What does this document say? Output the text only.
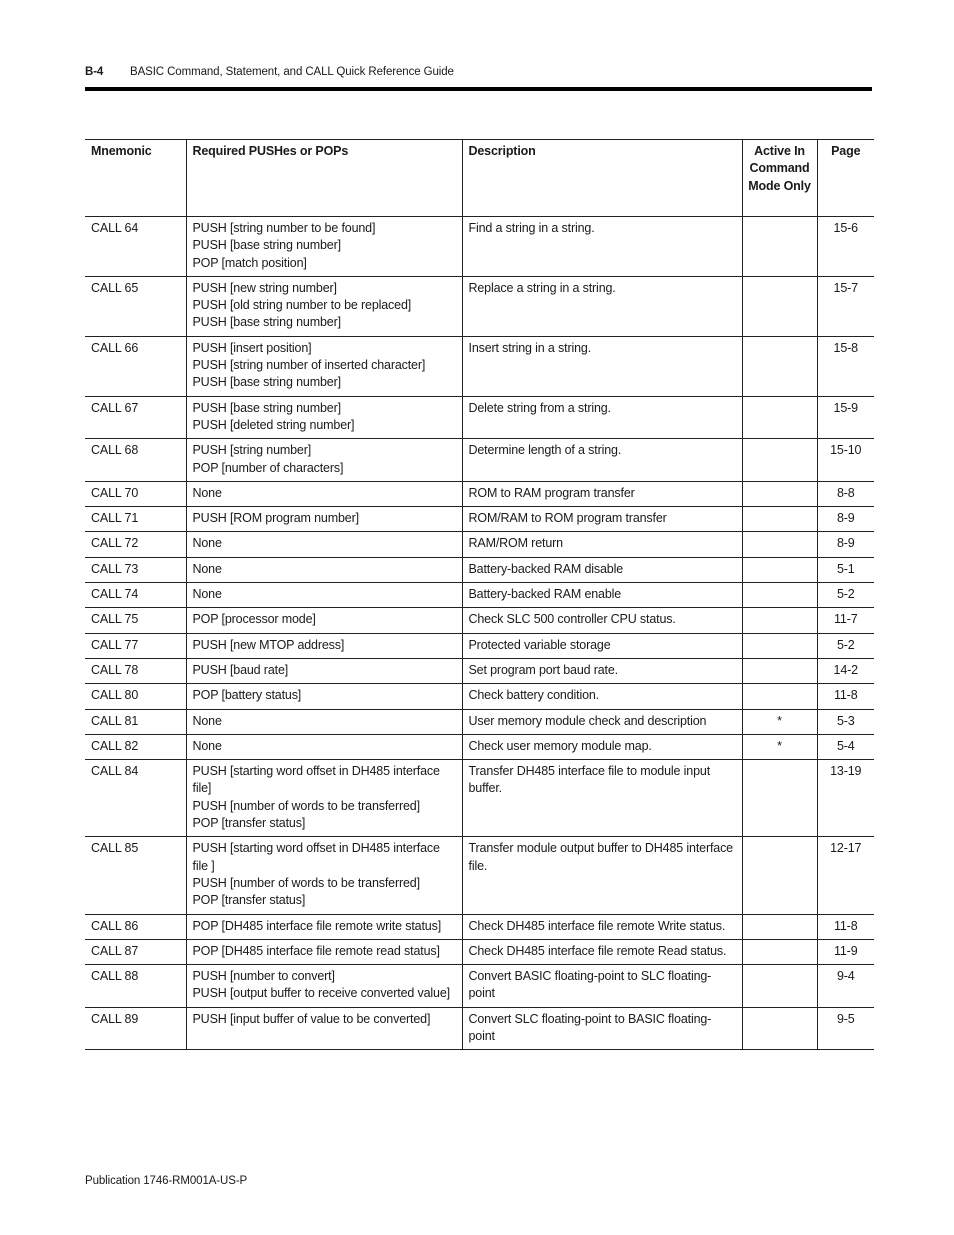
B-4 BASIC Command, Statement, and CALL Quick Reference Guide
Mnemonic	Required PUSHes or POPs	Description	Active In Command Mode Only	Page
CALL 64	PUSH [string number to be found]
PUSH [base string number]
POP [match position]	Find a string in a string.		15-6
CALL 65	PUSH [new string number]
PUSH [old string number to be replaced]
PUSH [base string number]	Replace a string in a string.		15-7
CALL 66	PUSH [insert position]
PUSH [string number of inserted character]
PUSH [base string number]	Insert string in a string.		15-8
CALL 67	PUSH [base string number]
PUSH [deleted string number]	Delete string from a string.		15-9
CALL 68	PUSH [string number]
POP [number of characters]	Determine length of a string.		15-10
CALL 70	None	ROM to RAM program transfer		8-8
CALL 71	PUSH [ROM program number]	ROM/RAM to ROM program transfer		8-9
CALL 72	None	RAM/ROM return		8-9
CALL 73	None	Battery-backed RAM disable		5-1
CALL 74	None	Battery-backed RAM enable		5-2
CALL 75	POP [processor mode]	Check SLC 500 controller CPU status.		11-7
CALL 77	PUSH [new MTOP address]	Protected variable storage		5-2
CALL 78	PUSH [baud rate]	Set program port baud rate.		14-2
CALL 80	POP [battery status]	Check battery condition.		11-8
CALL 81	None	User memory module check and description	*	5-3
CALL 82	None	Check user memory module map.	*	5-4
CALL 84	PUSH [starting word offset in DH485 interface file]
PUSH [number of words to be transferred]
POP [transfer status]	Transfer DH485 interface file to module input buffer.		13-19
CALL 85	PUSH [starting word offset in DH485 interface file ]
PUSH [number of words to be transferred]
POP [transfer status]	Transfer module output buffer to DH485 interface file.		12-17
CALL 86	POP [DH485 interface file remote write status]	Check DH485 interface file remote Write status.		11-8
CALL 87	POP [DH485 interface file remote read status]	Check DH485 interface file remote Read status.		11-9
CALL 88	PUSH [number to convert]
PUSH [output buffer to receive converted value]	Convert BASIC floating-point to SLC floating-point		9-4
CALL 89	PUSH [input buffer of value to be converted]	Convert SLC floating-point to BASIC floating-point		9-5
Publication 1746-RM001A-US-P
